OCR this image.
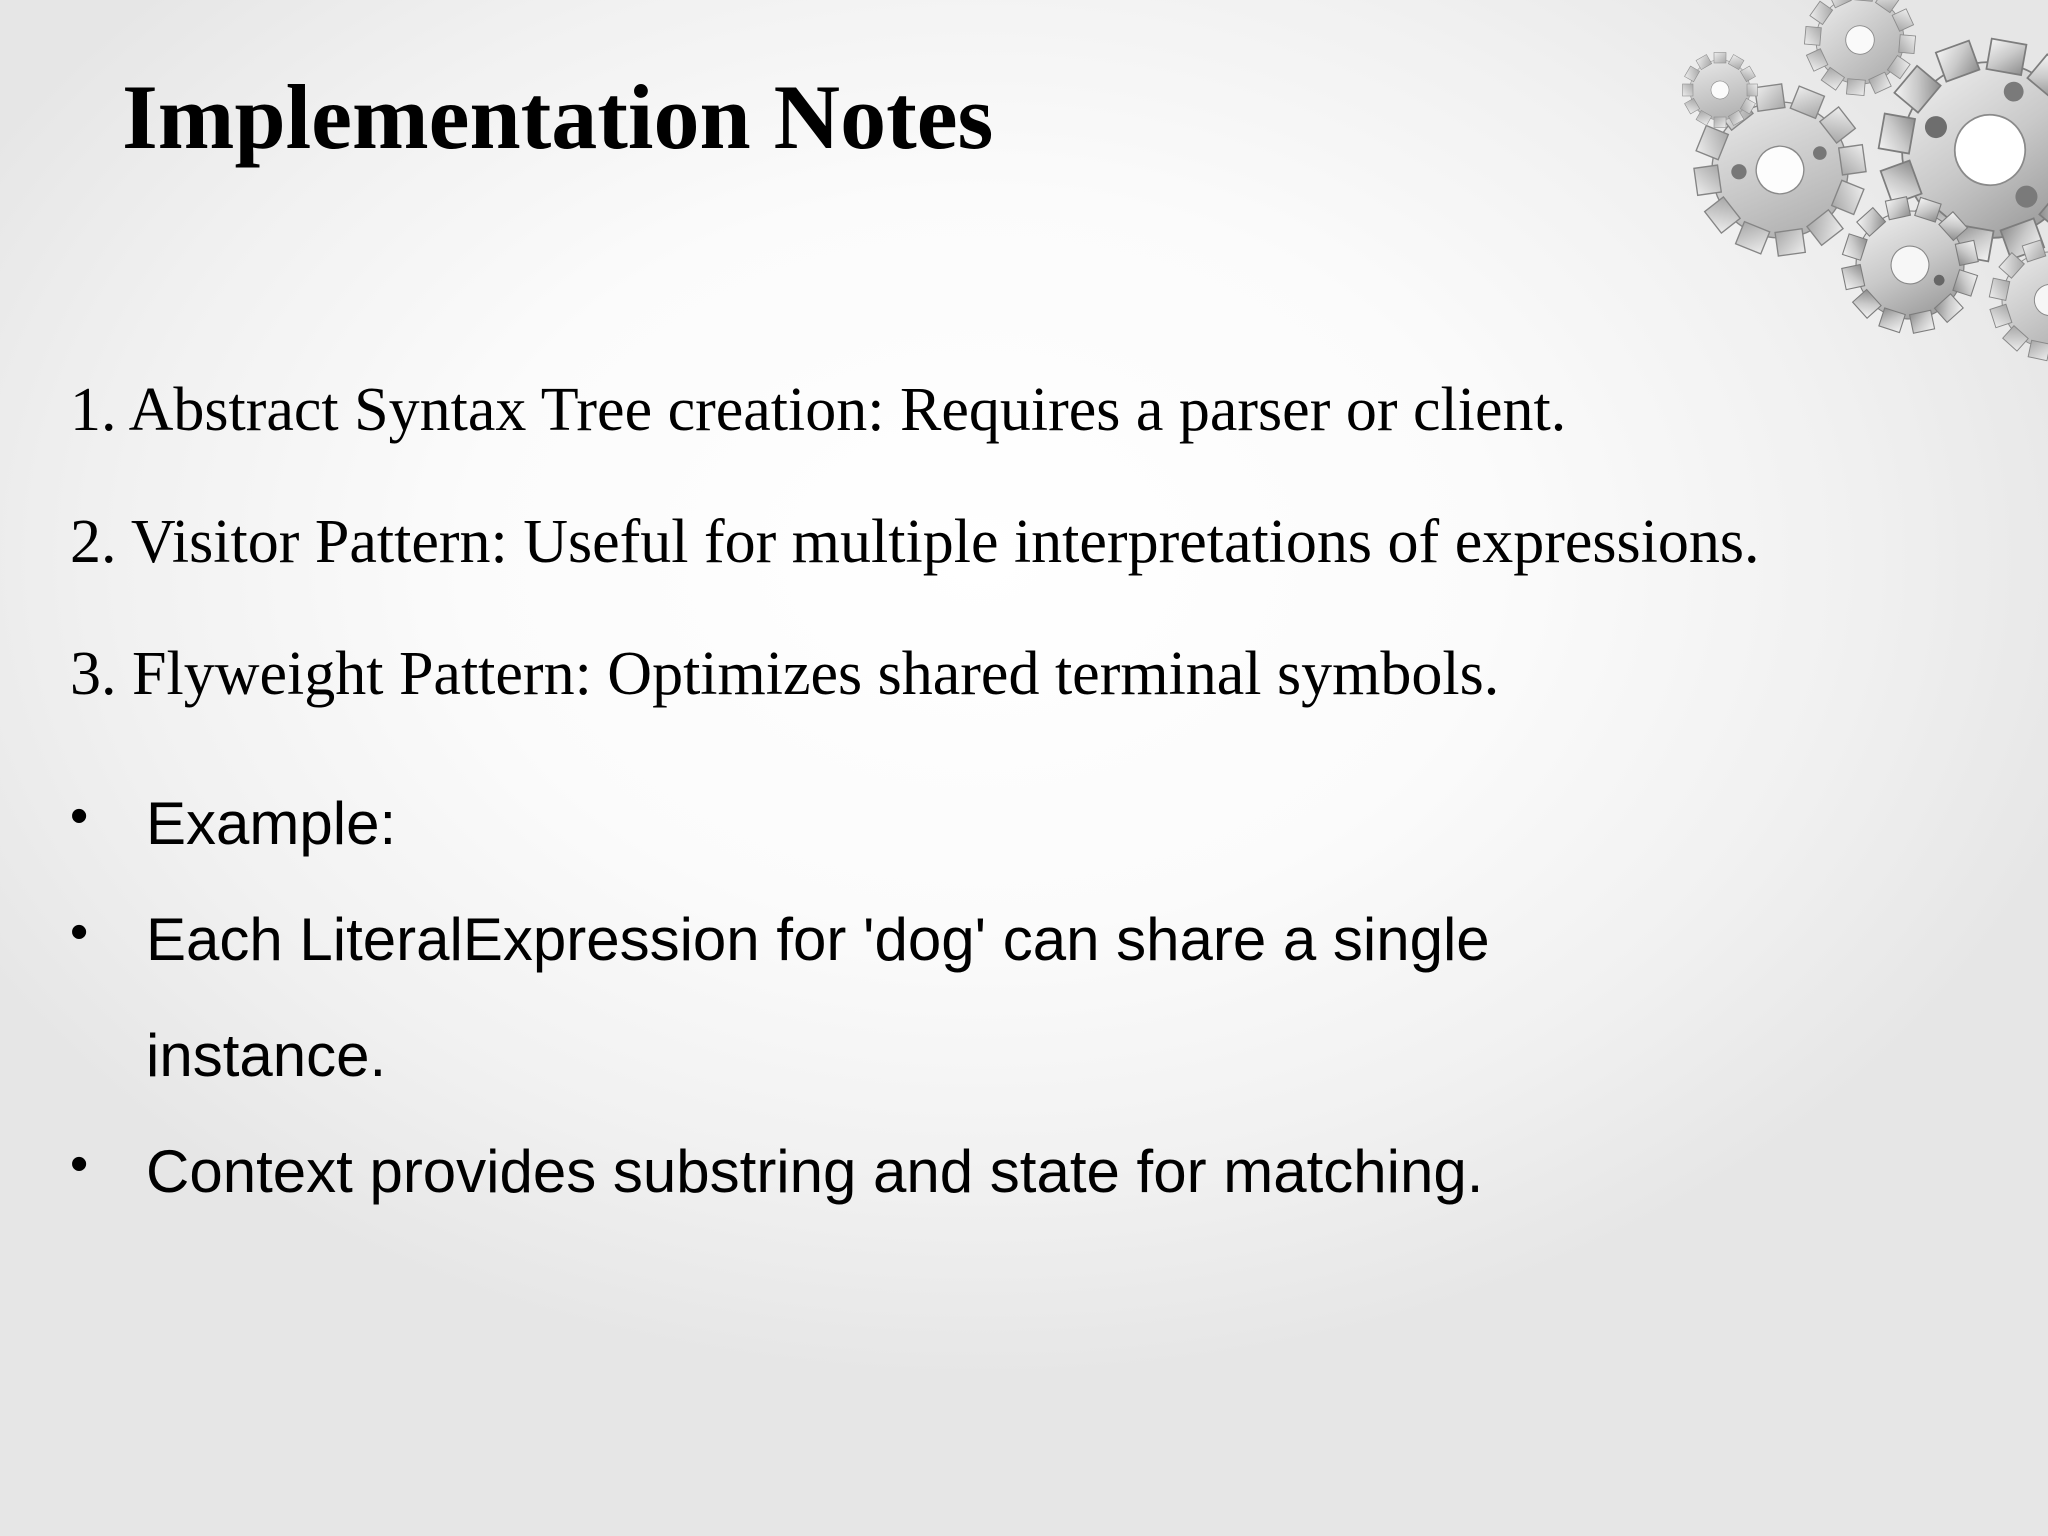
Implementation Notes
1. Abstract Syntax Tree creation: Requires a parser or client.
2. Visitor Pattern: Useful for multiple interpretations of expressions.
3. Flyweight Pattern: Optimizes shared terminal symbols.
• Example:
• Each LiteralExpression for 'dog' can share a single instance.
• Context provides substring and state for matching.
